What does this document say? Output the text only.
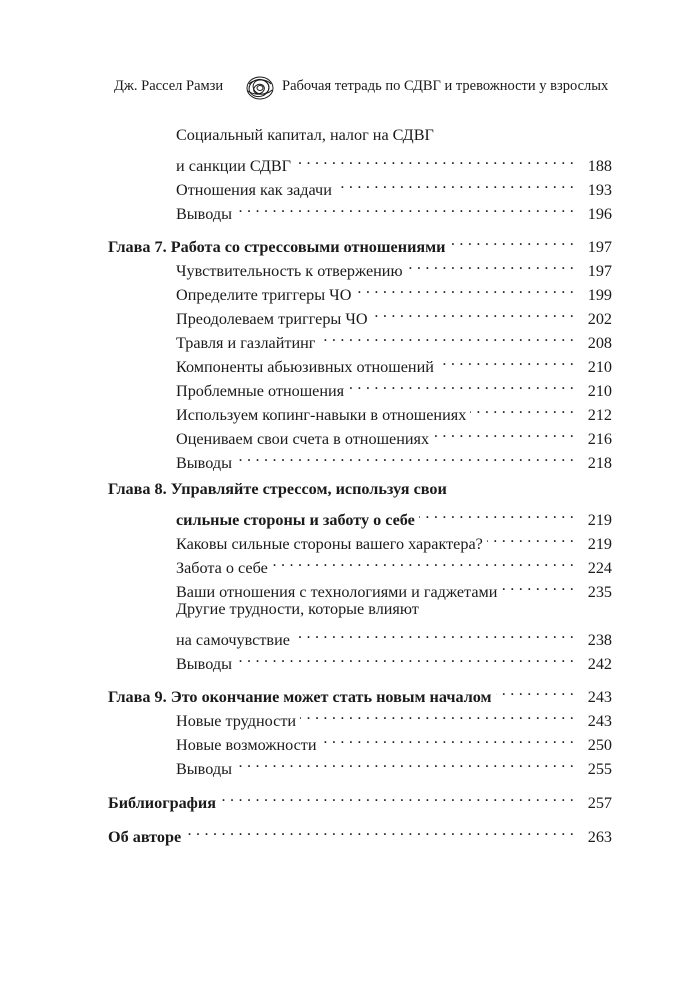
Дж. Рассел Рамзи	Рабочая тетрадь по СДВГ и тревожности у взрослых
Социальный капитал, налог на СДВГ
и санкции СДВГ . . .	188
Отношения как задачи . . .	193
Выводы . . .	196
Глава 7. Работа со стрессовыми отношениями . . .	197
Чувствительность к отвержению . . .	197
Определите триггеры ЧО . . .	199
Преодолеваем триггеры ЧО . . .	202
Травля и газлайтинг . . .	208
Компоненты абьюзивных отношений . . .	210
Проблемные отношения . . .	210
Используем копинг-навыки в отношениях . . .	212
Оцениваем свои счета в отношениях . . .	216
Выводы . . .	218
Глава 8. Управляйте стрессом, используя свои
сильные стороны и заботу о себе . . .	219
Каковы сильные стороны вашего характера? . . .	219
Забота о себе . . .	224
Ваши отношения с технологиями и гаджетами . . .	235
Другие трудности, которые влияют
на самочувствие . . .	238
Выводы . . .	242
Глава 9. Это окончание может стать новым началом . . .	243
Новые трудности . . .	243
Новые возможности . . .	250
Выводы . . .	255
Библиография . . .	257
Об авторе . . .	263
